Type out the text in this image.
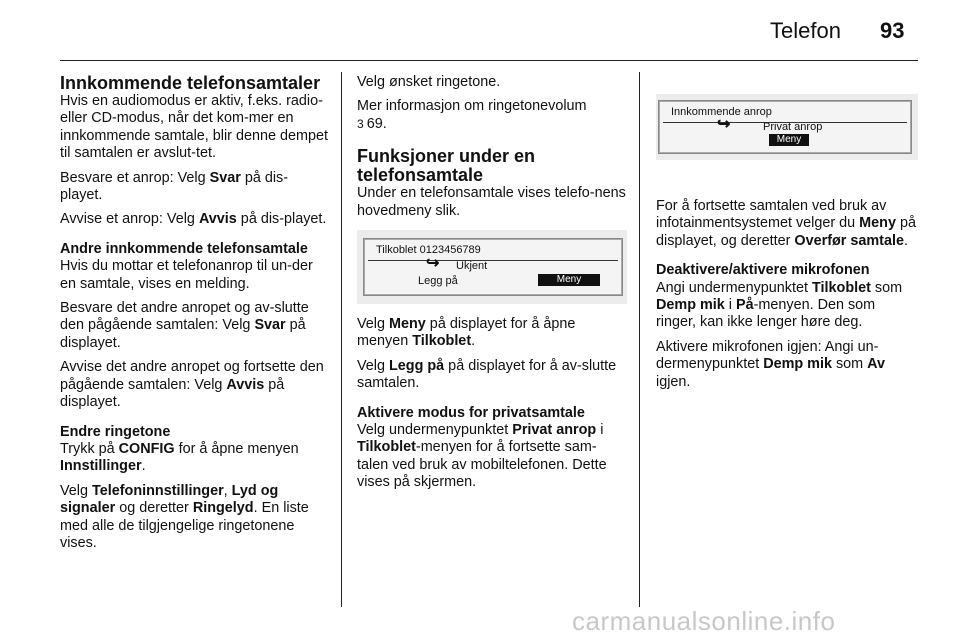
Telefon 93
Innkommende telefonsamtaler

Hvis en audiomodus er aktiv, f.eks. radio- eller CD-modus, når det kom-mer en innkommende samtale, blir denne dempet til samtalen er avslut-tet.

Besvare et anrop: Velg Svar på dis-playet.

Avvise et anrop: Velg Avvis på dis-playet.

Andre innkommende telefonsamtale

Hvis du mottar et telefonanrop til un-der en samtale, vises en melding.

Besvare det andre anropet og av-slutte den pågående samtalen: Velg Svar på displayet.

Avvise det andre anropet og fortsette den pågående samtalen: Velg Avvis på displayet.

Endre ringetone

Trykk på CONFIG for å åpne menyen Innstillinger.

Velg Telefoninnstillinger, Lyd og signaler og deretter Ringelyd. En liste med alle de tilgjengelige ringetonene vises.

Velg ønsket ringetone.

Mer informasjon om ringetonevolum
3 69.

Funksjoner under en telefonsamtale

Under en telefonsamtale vises telefo-nens hovedmeny slik.

Tilkoblet 0123456789
↪ Ukjent
Legg på	Meny

Velg Meny på displayet for å åpne menyen Tilkoblet.

Velg Legg på på displayet for å av-slutte samtalen.

Aktivere modus for privatsamtale

Velg undermenypunktet Privat anrop i Tilkoblet-menyen for å fortsette sam-talen ved bruk av mobiltelefonen. Dette vises på skjermen.

Innkommende anrop
↪	Privat anrop
Meny

For å fortsette samtalen ved bruk av infotainmentsystemet velger du Meny på displayet, og deretter Overfør samtale.

Deaktivere/aktivere mikrofonen

Angi undermenypunktet Tilkoblet som Demp mik i På-menyen. Den som ringer, kan ikke lenger høre deg.

Aktivere mikrofonen igjen: Angi un-dermenypunktet Demp mik som Av igjen.

carmanualsonline.info
